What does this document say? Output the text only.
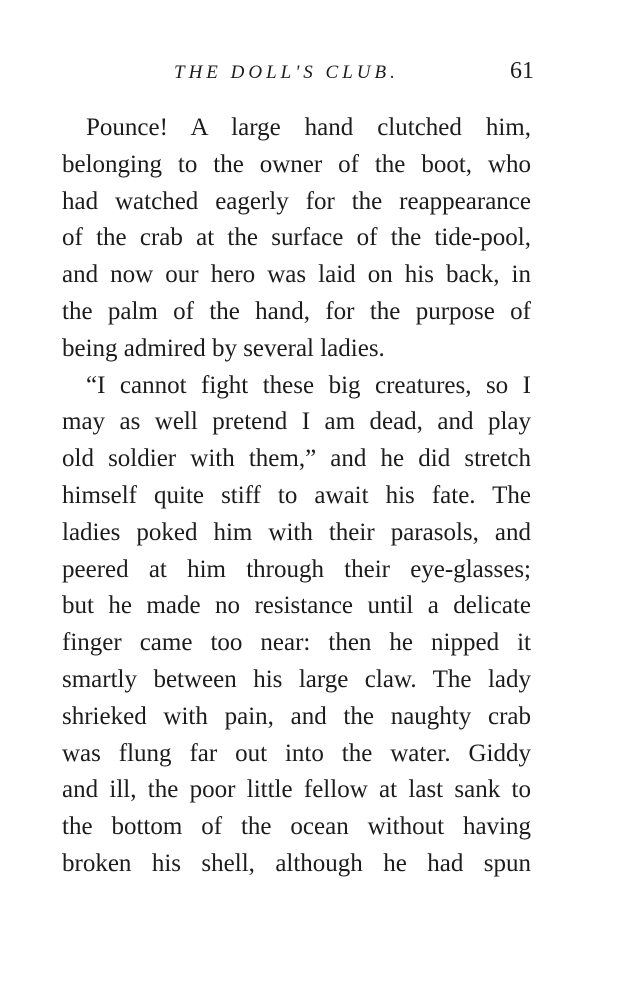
THE DOLL'S CLUB.	61
Pounce! A large hand clutched him,
belonging to the owner of the boot, who
had watched eagerly for the reappearance
of the crab at the surface of the tide-pool,
and now our hero was laid on his back, in
the palm of the hand, for the purpose of
being admired by several ladies.
“I cannot fight these big creatures, so I
may as well pretend I am dead, and play
old soldier with them,” and he did stretch
himself quite stiff to await his fate. The
ladies poked him with their parasols, and
peered at him through their eye-glasses;
but he made no resistance until a delicate
finger came too near: then he nipped it
smartly between his large claw. The lady
shrieked with pain, and the naughty crab
was flung far out into the water. Giddy
and ill, the poor little fellow at last sank to
the bottom of the ocean without having
broken his shell, although he had spun
